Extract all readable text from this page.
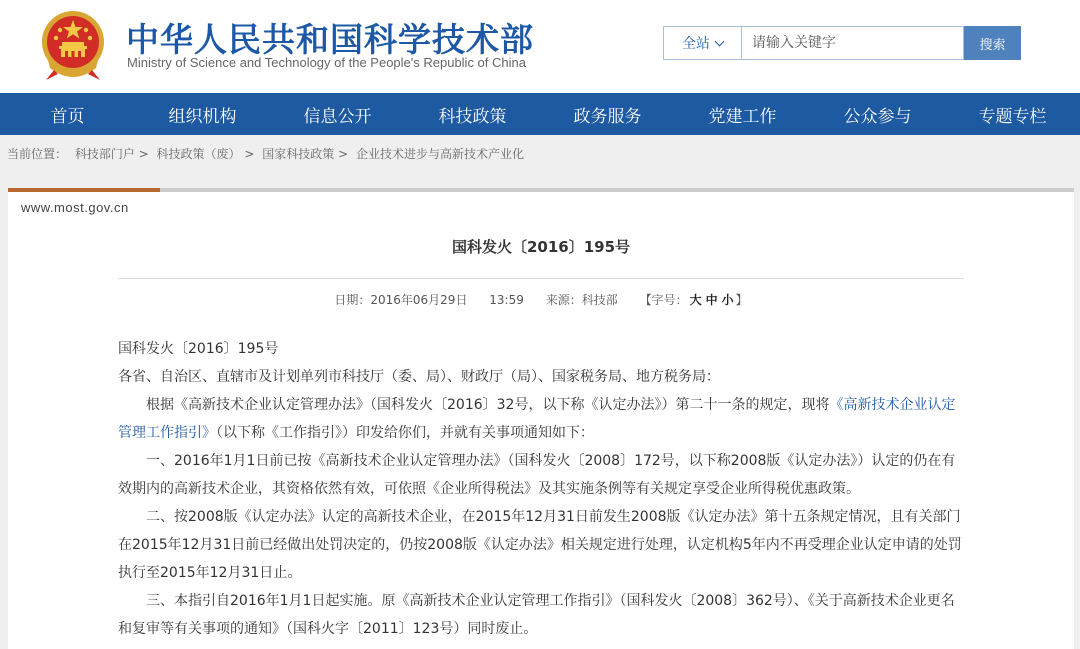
中华人民共和国科学技术部
Ministry of Science and Technology of the People's Republic of China
全站
请输入关键字	搜索
首页	组织机构	信息公开	科技政策	政务服务	党建工作	公众参与	专题专栏
当前位置： 科技部门户 > 科技政策（废） > 国家科技政策 > 企业技术进步与高新技术产业化
www.most.gov.cn
国科发火〔2016〕195号
日期：2016年06月29日 13:59 来源：科技部 【字号： 大 中 小 】

国科发火〔2016〕195号

各省、自治区、直辖市及计划单列市科技厅（委、局）、财政厅（局）、国家税务局、地方税务局：

根据《高新技术企业认定管理办法》（国科发火〔2016〕32号，以下称《认定办法》）第二十一条的规定，现将《高新技术企业认定管理工作指引》（以下称《工作指引》）印发给你们，并就有关事项通知如下：

一、2016年1月1日前已按《高新技术企业认定管理办法》（国科发火〔2008〕172号，以下称2008版《认定办法》）认定的仍在有效期内的高新技术企业，其资格依然有效，可依照《企业所得税法》及其实施条例等有关规定享受企业所得税优惠政策。

二、按2008版《认定办法》认定的高新技术企业，在2015年12月31日前发生2008版《认定办法》第十五条规定情况，且有关部门在2015年12月31日前已经做出处罚决定的，仍按2008版《认定办法》相关规定进行处理，认定机构5年内不再受理企业认定申请的处罚执行至2015年12月31日止。

三、本指引自2016年1月1日起实施。原《高新技术企业认定管理工作指引》（国科发火〔2008〕362号）、《关于高新技术企业更名和复审等有关事项的通知》（国科火字〔2011〕123号）同时废止。
